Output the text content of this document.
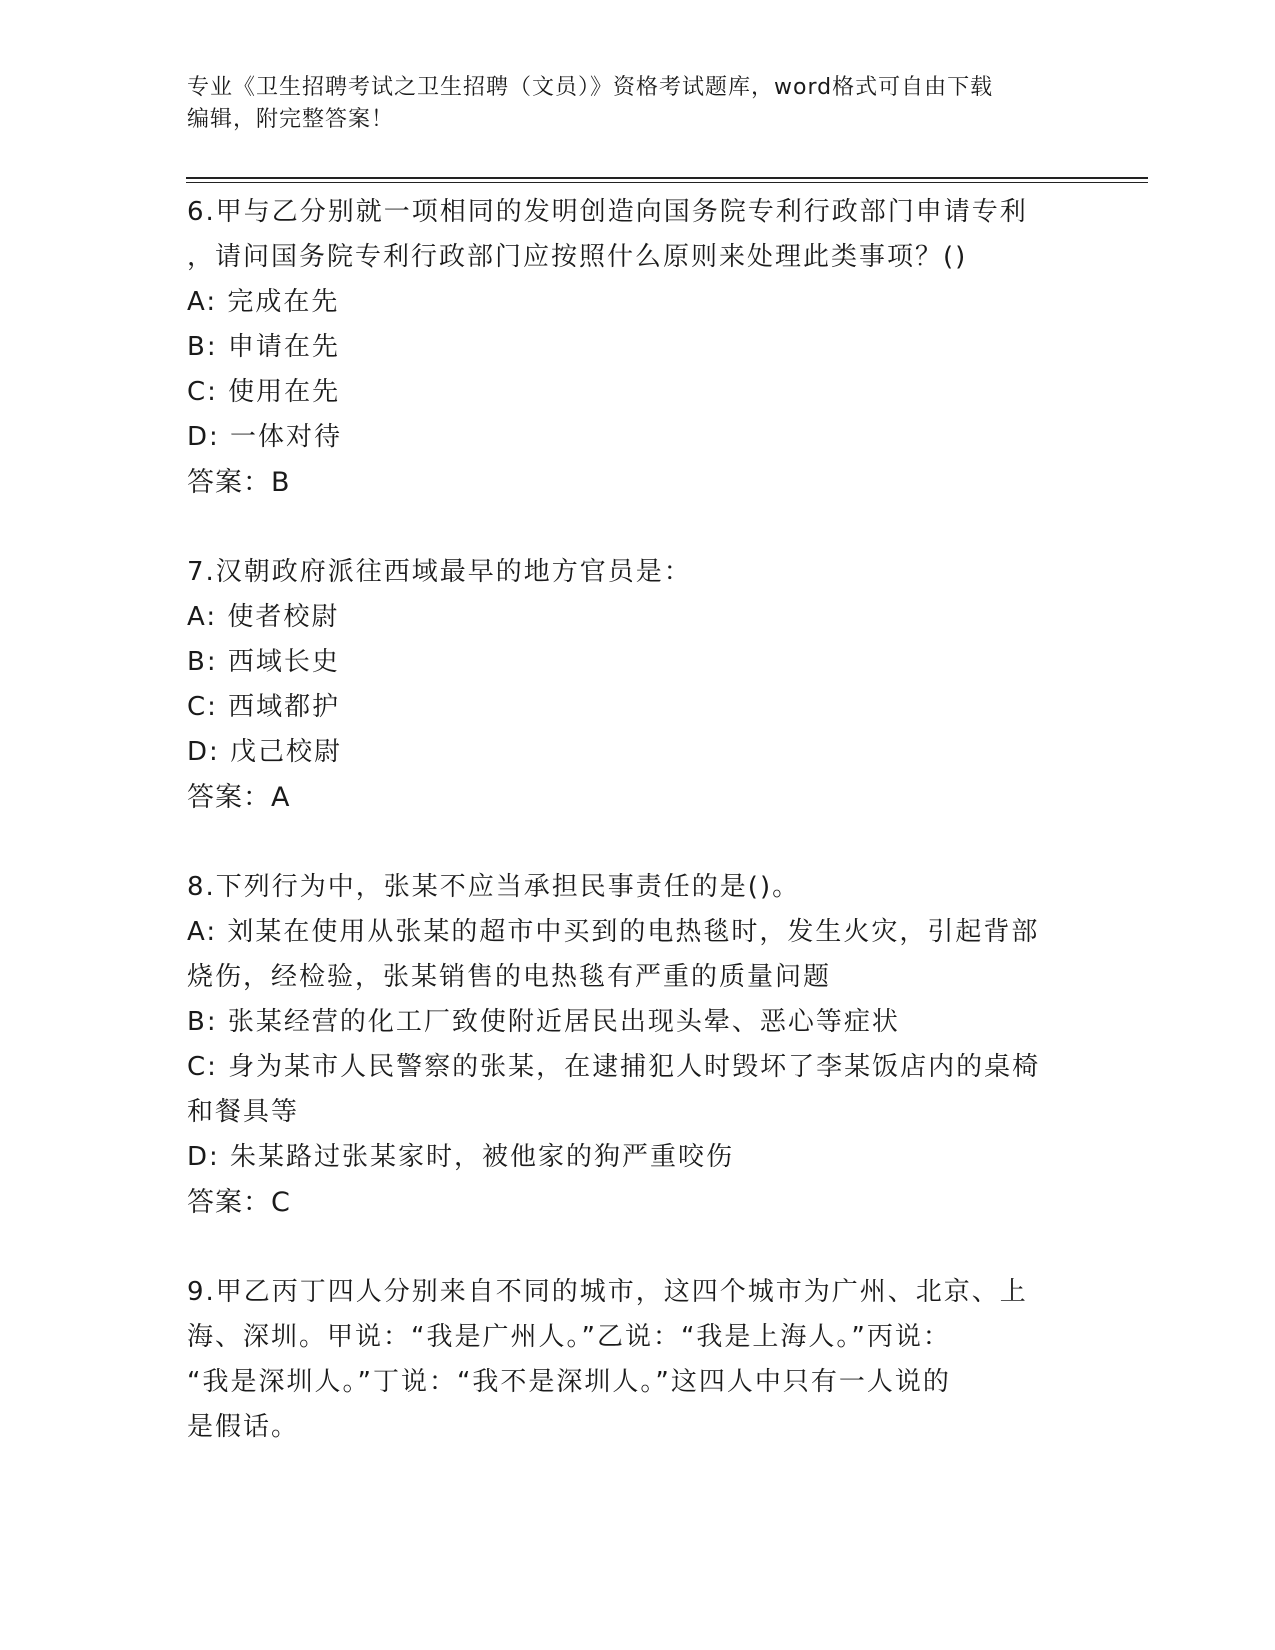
专业《卫生招聘考试之卫生招聘（文员）》资格考试题库，word格式可自由下载
编辑，附完整答案！
6.甲与乙分别就一项相同的发明创造向国务院专利行政部门申请专利
，请问国务院专利行政部门应按照什么原则来处理此类事项？()
A: 完成在先
B: 申请在先
C: 使用在先
D: 一体对待
答案：B
7.汉朝政府派往西域最早的地方官员是：
A: 使者校尉
B: 西域长史
C: 西域都护
D: 戊己校尉
答案：A
8.下列行为中，张某不应当承担民事责任的是()。
A: 刘某在使用从张某的超市中买到的电热毯时，发生火灾，引起背部
烧伤，经检验，张某销售的电热毯有严重的质量问题
B: 张某经营的化工厂致使附近居民出现头晕、恶心等症状
C: 身为某市人民警察的张某，在逮捕犯人时毁坏了李某饭店内的桌椅
和餐具等
D: 朱某路过张某家时，被他家的狗严重咬伤
答案：C
9.甲乙丙丁四人分别来自不同的城市，这四个城市为广州、北京、上
海、深圳。甲说：“我是广州人。”乙说：“我是上海人。”丙说：
“我是深圳人。”丁说：“我不是深圳人。”这四人中只有一人说的
是假话。
